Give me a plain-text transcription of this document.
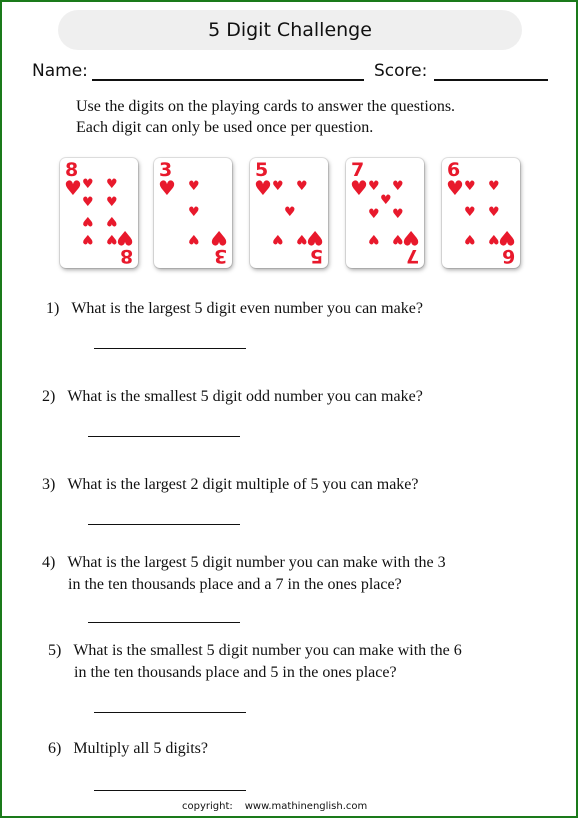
5 Digit Challenge
Name:	Score:
Use the digits on the playing cards to answer the questions.
Each digit can only be used once per question.
8
♥ ♥ ♥
♥ ♥
♥ ♥
♥ ♥
♥
8
3
♥ ♥
♥
♥ ♥
3
5
♥ ♥ ♥
♥
♥ ♥
♥
5
7
♥ ♥ ♥
♥
♥ ♥
♥ ♥
♥
7
6
♥ ♥ ♥
♥ ♥
♥ ♥
♥
6
1) What is the largest 5 digit even number you can make?
2) What is the smallest 5 digit odd number you can make?
3) What is the largest 2 digit multiple of 5 you can make?
4) What is the largest 5 digit number you can make with the 3
in the ten thousands place and a 7 in the ones place?
5) What is the smallest 5 digit number you can make with the 6
in the ten thousands place and 5 in the ones place?
6) Multiply all 5 digits?
copyright: www.mathinenglish.com
